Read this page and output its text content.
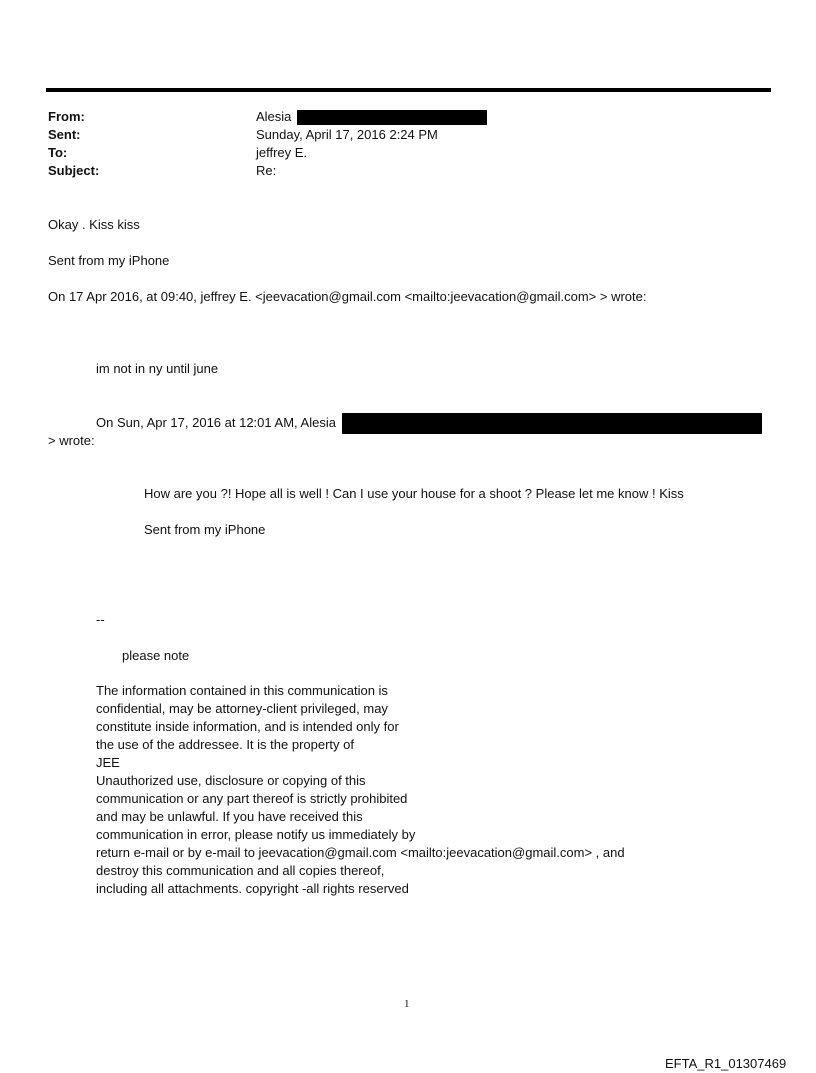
From:	Alesia
Sent:	Sunday, April 17, 2016 2:24 PM
To:	jeffrey E.
Subject:	Re:
Okay . Kiss kiss
Sent from my iPhone
On 17 Apr 2016, at 09:40, jeffrey E. <jeevacation@gmail.com <mailto:jeevacation@gmail.com> > wrote:
im not in ny until june
On Sun, Apr 17, 2016 at 12:01 AM, Alesia
> wrote:
How are you ?! Hope all is well ! Can I use your house for a shoot ? Please let me know ! Kiss
Sent from my iPhone
--
please note
The information contained in this communication is
confidential, may be attorney-client privileged, may
constitute inside information, and is intended only for
the use of the addressee. It is the property of
JEE
Unauthorized use, disclosure or copying of this
communication or any part thereof is strictly prohibited
and may be unlawful. If you have received this
communication in error, please notify us immediately by
return e-mail or by e-mail to jeevacation@gmail.com <mailto:jeevacation@gmail.com> , and
destroy this communication and all copies thereof,
including all attachments. copyright -all rights reserved
1
EFTA_R1_01307469
